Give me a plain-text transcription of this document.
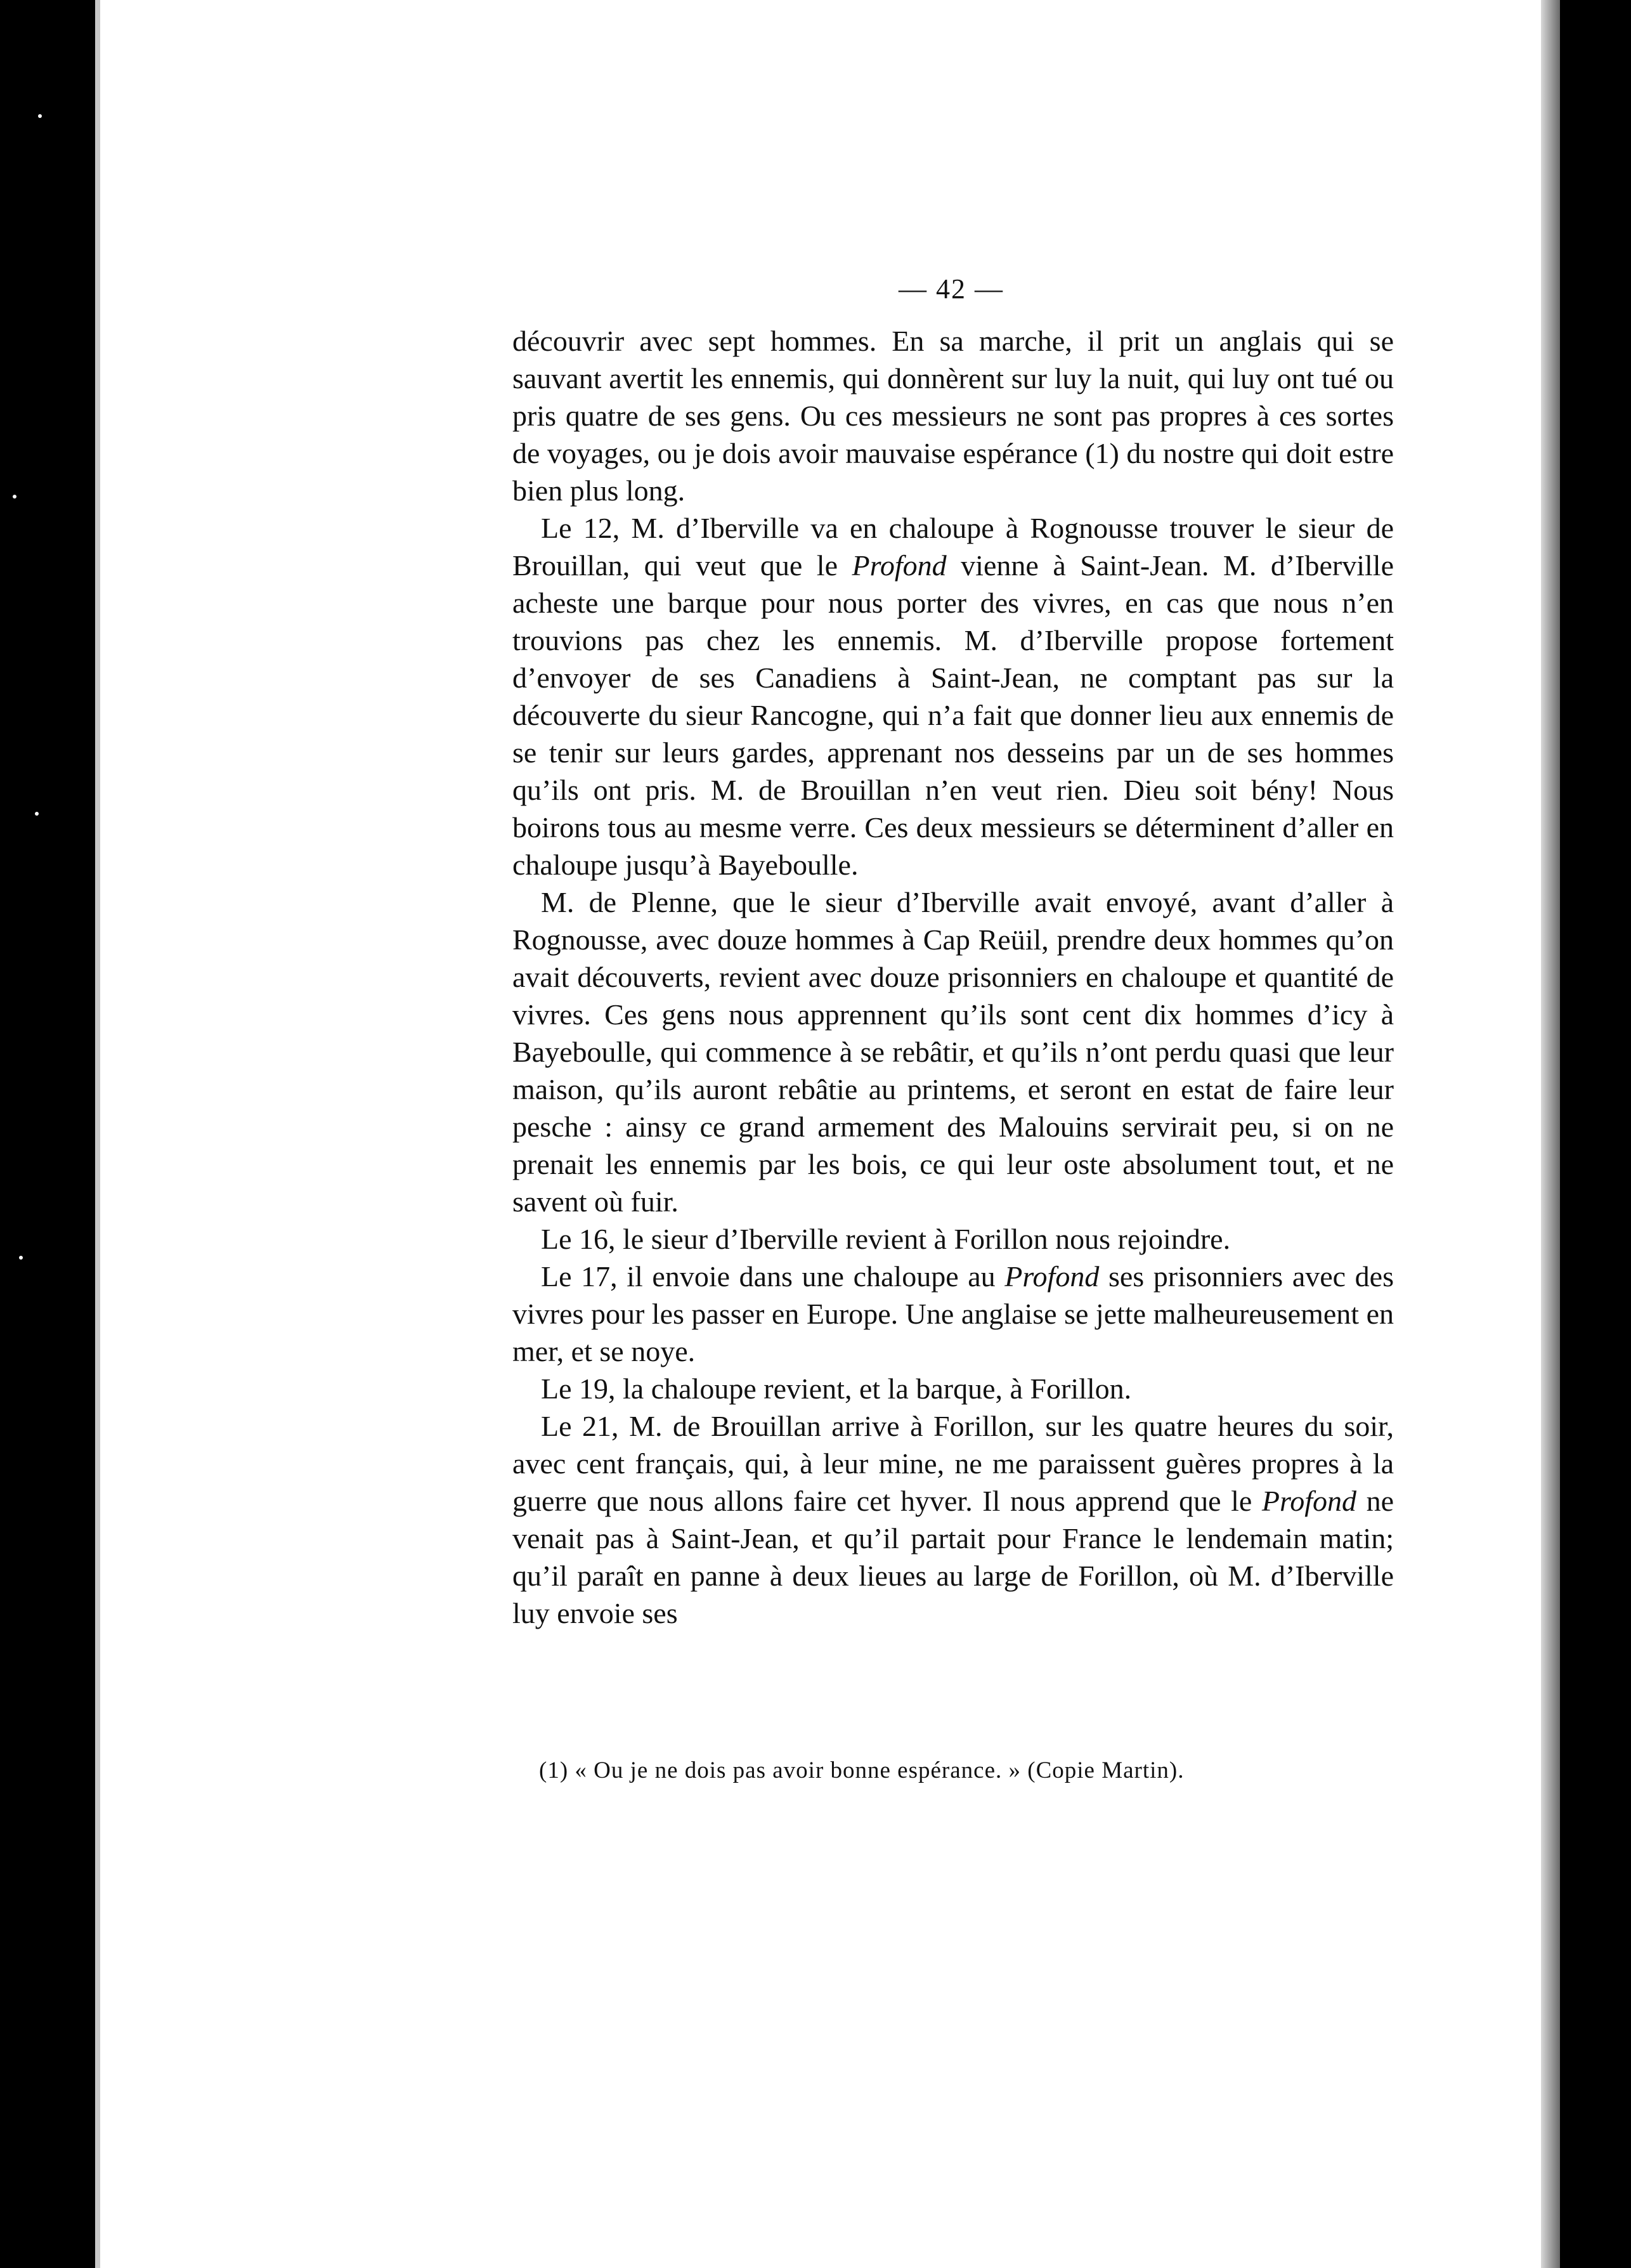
— 42 —

découvrir avec sept hommes. En sa marche, il prit un anglais qui se sauvant avertit les ennemis, qui donnèrent sur luy la nuit, qui luy ont tué ou pris quatre de ses gens. Ou ces messieurs ne sont pas propres à ces sortes de voyages, ou je dois avoir mauvaise espérance (1) du nostre qui doit estre bien plus long.

Le 12, M. d’Iberville va en chaloupe à Rognousse trouver le sieur de Brouillan, qui veut que le Profond vienne à Saint-Jean. M. d’Iberville acheste une barque pour nous porter des vivres, en cas que nous n’en trouvions pas chez les ennemis. M. d’Iberville propose fortement d’envoyer de ses Canadiens à Saint-Jean, ne comptant pas sur la découverte du sieur Rancogne, qui n’a fait que donner lieu aux ennemis de se tenir sur leurs gardes, apprenant nos desseins par un de ses hommes qu’ils ont pris. M. de Brouillan n’en veut rien. Dieu soit bény! Nous boirons tous au mesme verre. Ces deux messieurs se déterminent d’aller en chaloupe jusqu’à Bayeboulle.

M. de Plenne, que le sieur d’Iberville avait envoyé, avant d’aller à Rognousse, avec douze hommes à Cap Reüil, prendre deux hommes qu’on avait découverts, revient avec douze prisonniers en chaloupe et quantité de vivres. Ces gens nous apprennent qu’ils sont cent dix hommes d’icy à Bayeboulle, qui commence à se rebâtir, et qu’ils n’ont perdu quasi que leur maison, qu’ils auront rebâtie au printems, et seront en estat de faire leur pesche : ainsy ce grand armement des Malouins servirait peu, si on ne prenait les ennemis par les bois, ce qui leur oste absolument tout, et ne savent où fuir.

Le 16, le sieur d’Iberville revient à Forillon nous rejoindre.

Le 17, il envoie dans une chaloupe au Profond ses prisonniers avec des vivres pour les passer en Europe. Une anglaise se jette malheureusement en mer, et se noye.

Le 19, la chaloupe revient, et la barque, à Forillon.

Le 21, M. de Brouillan arrive à Forillon, sur les quatre heures du soir, avec cent français, qui, à leur mine, ne me paraissent guères propres à la guerre que nous allons faire cet hyver. Il nous apprend que le Profond ne venait pas à Saint-Jean, et qu’il partait pour France le lendemain matin; qu’il paraît en panne à deux lieues au large de Forillon, où M. d’Iberville luy envoie ses

(1) « Ou je ne dois pas avoir bonne espérance. » (Copie Martin).
